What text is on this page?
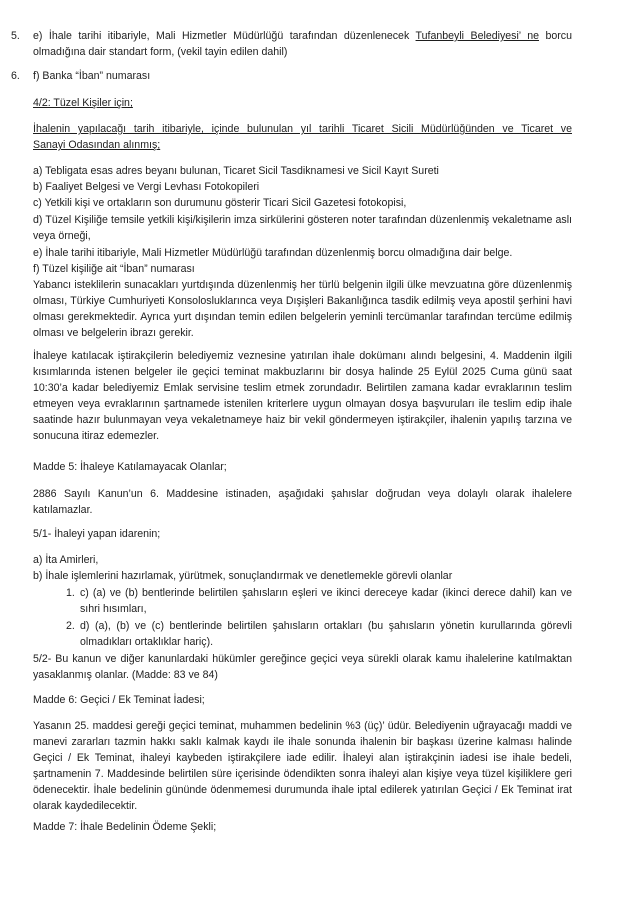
5.	e) İhale tarihi itibariyle, Mali Hizmetler Müdürlüğü tarafından düzenlenecek Tufanbeyli Belediyesi’ ne borcu olmadığına dair standart form, (vekil tayin edilen dahil)
6.	f) Banka “İban” numarası
4/2: Tüzel Kişiler için;

İhalenin yapılacağı tarih itibariyle, içinde bulunulan yıl tarihli Ticaret Sicili Müdürlüğünden ve Ticaret ve

Sanayi Odasından alınmış;

a) Tebligata esas adres beyanı bulunan, Ticaret Sicil Tasdiknamesi ve Sicil Kayıt Sureti

b) Faaliyet Belgesi ve Vergi Levhası Fotokopileri

c) Yetkili kişi ve ortakların son durumunu gösterir Ticari Sicil Gazetesi fotokopisi,

d) Tüzel Kişiliğe temsile yetkili kişi/kişilerin imza sirkülerini gösteren noter tarafından düzenlenmiş vekaletname aslı veya örneği,

e) İhale tarihi itibariyle, Mali Hizmetler Müdürlüğü tarafından düzenlenmiş borcu olmadığına dair belge.

f) Tüzel kişiliğe ait “İban” numarası

Yabancı isteklilerin sunacakları yurtdışında düzenlenmiş her türlü belgenin ilgili ülke mevzuatına göre düzenlenmiş olması, Türkiye Cumhuriyeti Konsolosluklarınca veya Dışişleri Bakanlığınca tasdik edilmiş veya apostil şerhini havi olması gerekmektedir. Ayrıca yurt dışından temin edilen belgelerin yeminli tercümanlar tarafından tercüme edilmiş olması ve belgelerin ibrazı gerekir.

İhaleye katılacak iştirakçilerin belediyemiz veznesine yatırılan ihale dokümanı alındı belgesini, 4. Maddenin ilgili kısımlarında istenen belgeler ile geçici teminat makbuzlarını bir dosya halinde 25 Eylül 2025 Cuma günü saat 10:30’a kadar belediyemiz Emlak servisine teslim etmek zorundadır. Belirtilen zamana kadar evraklarının teslim etmeyen veya evraklarının şartnamede istenilen kriterlere uygun olmayan dosya başvuruları ile teslim edip ihale saatinde hazır bulunmayan veya vekaletnameye haiz bir vekil göndermeyen iştirakçiler, ihalenin yapılış tarzına ve sonucuna itiraz edemezler.

Madde 5: İhaleye Katılamayacak Olanlar;

2886 Sayılı Kanun’un 6. Maddesine istinaden, aşağıdaki şahıslar doğrudan veya dolaylı olarak ihalelere katılamazlar.

5/1- İhaleyi yapan idarenin;

a) İta Amirleri,

b) İhale işlemlerini hazırlamak, yürütmek, sonuçlandırmak ve denetlemekle görevli olanlar

1. c) (a) ve (b) bentlerinde belirtilen şahısların eşleri ve ikinci dereceye kadar (ikinci derece dahil) kan ve sıhri hısımları,
2. d) (a), (b) ve (c) bentlerinde belirtilen şahısların ortakları (bu şahısların yönetin kurullarında görevli olmadıkları ortaklıklar hariç).

5/2- Bu kanun ve diğer kanunlardaki hükümler gereğince geçici veya sürekli olarak kamu ihalelerine katılmaktan yasaklanmış olanlar. (Madde: 83 ve 84)

Madde 6: Geçici / Ek Teminat İadesi;

Yasanın 25. maddesi gereği geçici teminat, muhammen bedelinin %3 (üç)’ üdür. Belediyenin uğrayacağı maddi ve manevi zararları tazmin hakkı saklı kalmak kaydı ile ihale sonunda ihalenin bir başkası üzerine kalması halinde Geçici / Ek Teminat, ihaleyi kaybeden iştirakçilere iade edilir. İhaleyi alan iştirakçinin iadesi ise ihale bedeli, şartnamenin 7. Maddesinde belirtilen süre içerisinde ödendikten sonra ihaleyi alan kişiye veya tüzel kişiliklere geri ödenecektir. İhale bedelinin gününde ödenmemesi durumunda ihale iptal edilerek yatırılan Geçici / Ek Teminat irat olarak kaydedilecektir.

Madde 7: İhale Bedelinin Ödeme Şekli;
